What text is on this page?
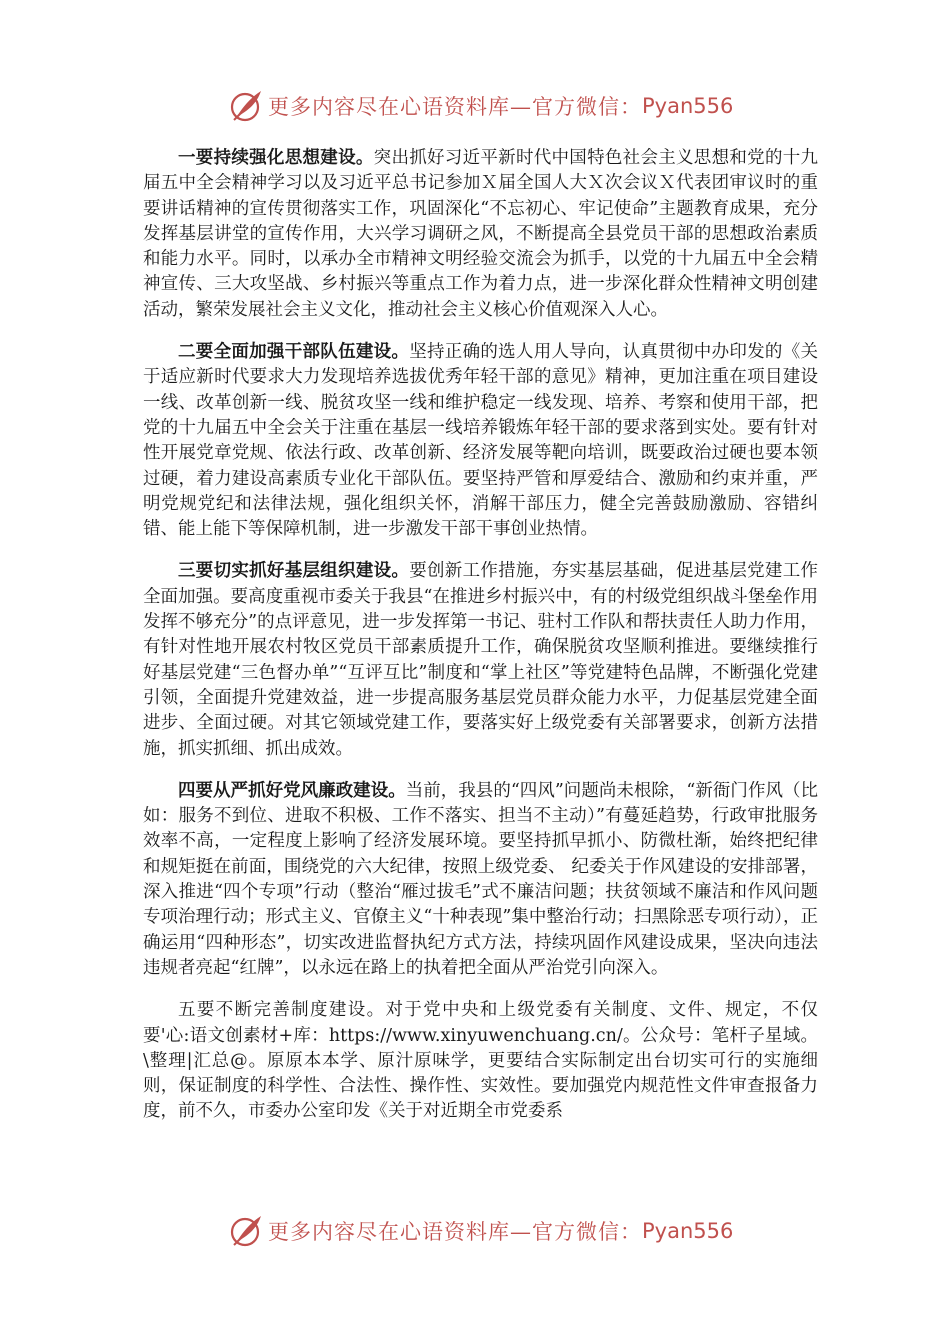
更多内容尽在心语资料库—官方微信： Pyan556

一要持续强化思想建设。突出抓好习近平新时代中国特色社会主义思想和党的十九届五中全会精神学习以及习近平总书记参加Ｘ届全国人大Ｘ次会议Ｘ代表团审议时的重要讲话精神的宣传贯彻落实工作，巩固深化“不忘初心、牢记使命”主题教育成果，充分发挥基层讲堂的宣传作用，大兴学习调研之风，不断提高全县党员干部的思想政治素质和能力水平。同时，以承办全市精神文明经验交流会为抓手，以党的十九届五中全会精神宣传、三大攻坚战、乡村振兴等重点工作为着力点，进一步深化群众性精神文明创建活动，繁荣发展社会主义文化，推动社会主义核心价值观深入人心。

二要全面加强干部队伍建设。坚持正确的选人用人导向，认真贯彻中办印发的《关于适应新时代要求大力发现培养选拔优秀年轻干部的意见》精神，更加注重在项目建设一线、改革创新一线、脱贫攻坚一线和维护稳定一线发现、培养、考察和使用干部，把党的十九届五中全会关于注重在基层一线培养锻炼年轻干部的要求落到实处。要有针对性开展党章党规、依法行政、改革创新、经济发展等靶向培训，既要政治过硬也要本领过硬，着力建设高素质专业化干部队伍。要坚持严管和厚爱结合、激励和约束并重，严明党规党纪和法律法规，强化组织关怀，消解干部压力，健全完善鼓励激励、容错纠错、能上能下等保障机制，进一步激发干部干事创业热情。

三要切实抓好基层组织建设。要创新工作措施，夯实基层基础，促进基层党建工作全面加强。要高度重视市委关于我县“在推进乡村振兴中，有的村级党组织战斗堡垒作用发挥不够充分”的点评意见，进一步发挥第一书记、驻村工作队和帮扶责任人助力作用，有针对性地开展农村牧区党员干部素质提升工作，确保脱贫攻坚顺利推进。要继续推行好基层党建“三色督办单”“互评互比”制度和“掌上社区”等党建特色品牌，不断强化党建引领，全面提升党建效益，进一步提高服务基层党员群众能力水平，力促基层党建全面进步、全面过硬。对其它领域党建工作，要落实好上级党委有关部署要求，创新方法措施，抓实抓细、抓出成效。

四要从严抓好党风廉政建设。当前，我县的“四风”问题尚未根除，“新衙门作风（比如：服务不到位、进取不积极、工作不落实、担当不主动）”有蔓延趋势，行政审批服务效率不高，一定程度上影响了经济发展环境。要坚持抓早抓小、防微杜渐，始终把纪律和规矩挺在前面，围绕党的六大纪律，按照上级党委、 纪委关于作风建设的安排部署，深入推进“四个专项”行动（整治“雁过拔毛”式不廉洁问题；扶贫领域不廉洁和作风问题专项治理行动；形式主义、官僚主义“十种表现”集中整治行动；扫黑除恶专项行动），正确运用“四种形态”，切实改进监督执纪方式方法，持续巩固作风建设成果，坚决向违法违规者亮起“红牌”，以永远在路上的执着把全面从严治党引向深入。

五要不断完善制度建设。对于党中央和上级党委有关制度、文件、规定，不仅要'心:语文创素材+库：https://www.xinyuwenchuang.cn/。公众号：笔杆子星域。\整理|汇总@。原原本本学、原汁原味学，更要结合实际制定出台切实可行的实施细则，保证制度的科学性、合法性、操作性、实效性。要加强党内规范性文件审查报备力度，前不久，市委办公室印发《关于对近期全市党委系

更多内容尽在心语资料库—官方微信： Pyan556
